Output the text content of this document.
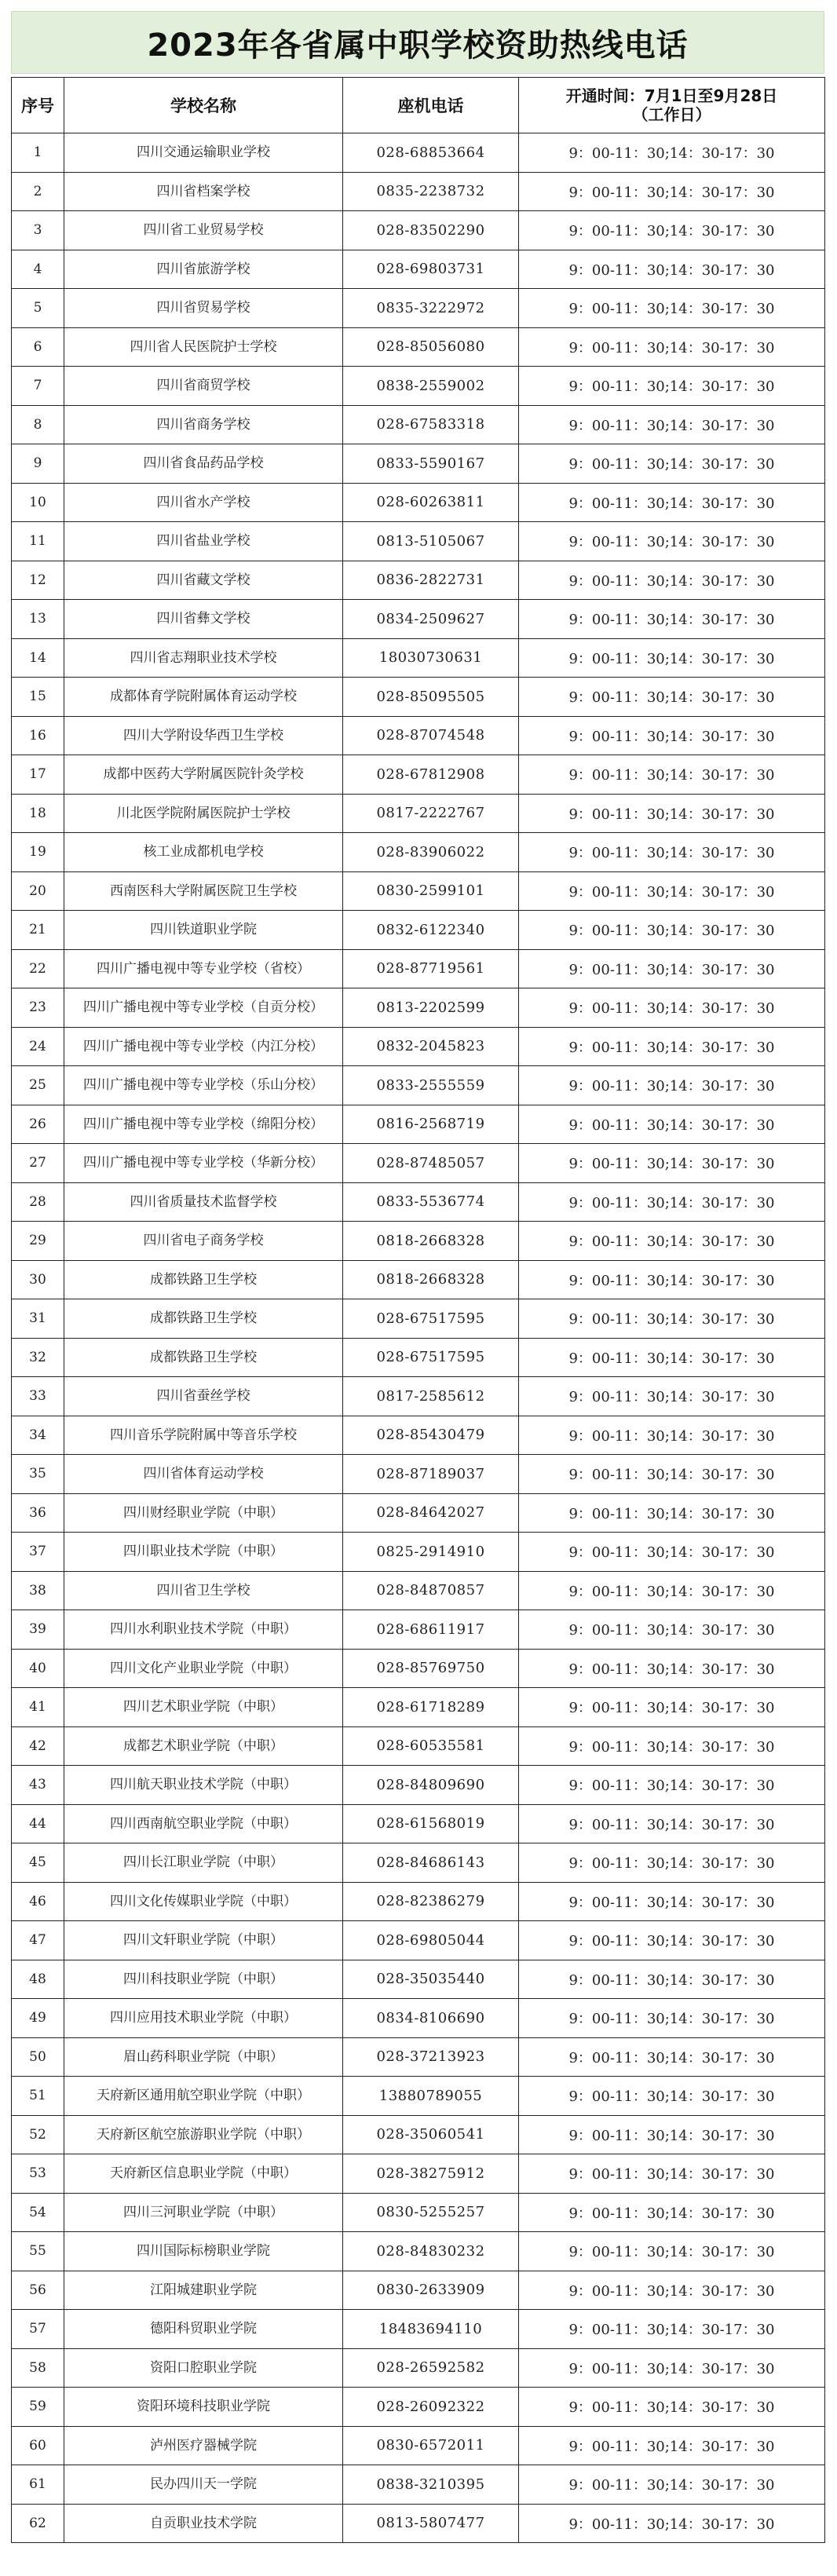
2023年各省属中职学校资助热线电话
序号	学校名称	座机电话	开通时间：7月1日至9月28日
（工作日）

1	四川交通运输职业学校	028-68853664	9：00-11：30;14：30-17：30
2	四川省档案学校	0835-2238732	9：00-11：30;14：30-17：30
3	四川省工业贸易学校	028-83502290	9：00-11：30;14：30-17：30
4	四川省旅游学校	028-69803731	9：00-11：30;14：30-17：30
5	四川省贸易学校	0835-3222972	9：00-11：30;14：30-17：30
6	四川省人民医院护士学校	028-85056080	9：00-11：30;14：30-17：30
7	四川省商贸学校	0838-2559002	9：00-11：30;14：30-17：30
8	四川省商务学校	028-67583318	9：00-11：30;14：30-17：30
9	四川省食品药品学校	0833-5590167	9：00-11：30;14：30-17：30
10	四川省水产学校	028-60263811	9：00-11：30;14：30-17：30
11	四川省盐业学校	0813-5105067	9：00-11：30;14：30-17：30
12	四川省藏文学校	0836-2822731	9：00-11：30;14：30-17：30
13	四川省彝文学校	0834-2509627	9：00-11：30;14：30-17：30
14	四川省志翔职业技术学校	18030730631	9：00-11：30;14：30-17：30
15	成都体育学院附属体育运动学校	028-85095505	9：00-11：30;14：30-17：30
16	四川大学附设华西卫生学校	028-87074548	9：00-11：30;14：30-17：30
17	成都中医药大学附属医院针灸学校	028-67812908	9：00-11：30;14：30-17：30
18	川北医学院附属医院护士学校	0817-2222767	9：00-11：30;14：30-17：30
19	核工业成都机电学校	028-83906022	9：00-11：30;14：30-17：30
20	西南医科大学附属医院卫生学校	0830-2599101	9：00-11：30;14：30-17：30
21	四川铁道职业学院	0832-6122340	9：00-11：30;14：30-17：30
22	四川广播电视中等专业学校（省校）	028-87719561	9：00-11：30;14：30-17：30
23	四川广播电视中等专业学校（自贡分校）	0813-2202599	9：00-11：30;14：30-17：30
24	四川广播电视中等专业学校（内江分校）	0832-2045823	9：00-11：30;14：30-17：30
25	四川广播电视中等专业学校（乐山分校）	0833-2555559	9：00-11：30;14：30-17：30
26	四川广播电视中等专业学校（绵阳分校）	0816-2568719	9：00-11：30;14：30-17：30
27	四川广播电视中等专业学校（华新分校）	028-87485057	9：00-11：30;14：30-17：30
28	四川省质量技术监督学校	0833-5536774	9：00-11：30;14：30-17：30
29	四川省电子商务学校	0818-2668328	9：00-11：30;14：30-17：30
30	成都铁路卫生学校	0818-2668328	9：00-11：30;14：30-17：30
31	成都铁路卫生学校	028-67517595	9：00-11：30;14：30-17：30
32	成都铁路卫生学校	028-67517595	9：00-11：30;14：30-17：30
33	四川省蚕丝学校	0817-2585612	9：00-11：30;14：30-17：30
34	四川音乐学院附属中等音乐学校	028-85430479	9：00-11：30;14：30-17：30
35	四川省体育运动学校	028-87189037	9：00-11：30;14：30-17：30
36	四川财经职业学院（中职）	028-84642027	9：00-11：30;14：30-17：30
37	四川职业技术学院（中职）	0825-2914910	9：00-11：30;14：30-17：30
38	四川省卫生学校	028-84870857	9：00-11：30;14：30-17：30
39	四川水利职业技术学院（中职）	028-68611917	9：00-11：30;14：30-17：30
40	四川文化产业职业学院（中职）	028-85769750	9：00-11：30;14：30-17：30
41	四川艺术职业学院（中职）	028-61718289	9：00-11：30;14：30-17：30
42	成都艺术职业学院（中职）	028-60535581	9：00-11：30;14：30-17：30
43	四川航天职业技术学院（中职）	028-84809690	9：00-11：30;14：30-17：30
44	四川西南航空职业学院（中职）	028-61568019	9：00-11：30;14：30-17：30
45	四川长江职业学院（中职）	028-84686143	9：00-11：30;14：30-17：30
46	四川文化传媒职业学院（中职）	028-82386279	9：00-11：30;14：30-17：30
47	四川文轩职业学院（中职）	028-69805044	9：00-11：30;14：30-17：30
48	四川科技职业学院（中职）	028-35035440	9：00-11：30;14：30-17：30
49	四川应用技术职业学院（中职）	0834-8106690	9：00-11：30;14：30-17：30
50	眉山药科职业学院（中职）	028-37213923	9：00-11：30;14：30-17：30
51	天府新区通用航空职业学院（中职）	13880789055	9：00-11：30;14：30-17：30
52	天府新区航空旅游职业学院（中职）	028-35060541	9：00-11：30;14：30-17：30
53	天府新区信息职业学院（中职）	028-38275912	9：00-11：30;14：30-17：30
54	四川三河职业学院（中职）	0830-5255257	9：00-11：30;14：30-17：30
55	四川国际标榜职业学院	028-84830232	9：00-11：30;14：30-17：30
56	江阳城建职业学院	0830-2633909	9：00-11：30;14：30-17：30
57	德阳科贸职业学院	18483694110	9：00-11：30;14：30-17：30
58	资阳口腔职业学院	028-26592582	9：00-11：30;14：30-17：30
59	资阳环境科技职业学院	028-26092322	9：00-11：30;14：30-17：30
60	泸州医疗器械学院	0830-6572011	9：00-11：30;14：30-17：30
61	民办四川天一学院	0838-3210395	9：00-11：30;14：30-17：30
62	自贡职业技术学院	0813-5807477	9：00-11：30;14：30-17：30
